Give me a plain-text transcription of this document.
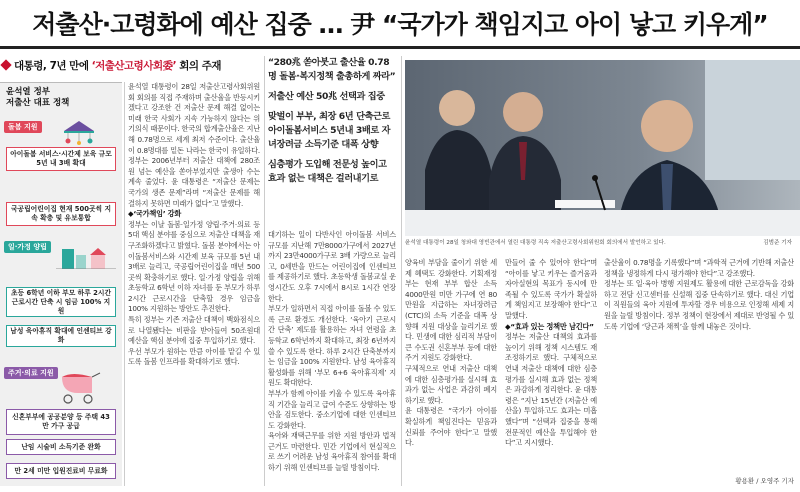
저출산·고령화에 예산 집중 … 尹 “국가가 책임지고 아이 낳고 키우게”
대통령, 7년 만에 ‘저출산고령사회委’ 회의 주재
윤석열 정부
저출산 대표 정책
돌봄 지원
아이돌봄 서비스·시간제 보육 규모 5년 내 3배 확대
국공립어린이집 현재 500곳씩 지속 확충 및 유보통합
일·가정 양립
초등 6학년 이하 부모 하루 2시간 근로시간 단축 시 임금 100% 지원
남성 육아휴직 확대에 인센티브 강화
주거·의료 지원
신혼부부에 공공분양 등 주택 43만 가구 공급
난임 시술비 소득기준 완화
만 2세 미만 입원진료비 무료화

윤석열 대통령이 28일 저출산고령사회위원회 회의를 직접 주재하며 출산율을 반등시키겠다고 강조한 건 저출산 문제 해결 없이는 미래 한국 사회가 지속 가능하지 않다는 위기의식 때문이다. 한국의 합계출산율은 지난해 0.78명으로 세계 최저 수준이다. 출산율이 0.8명대를 밑돈 나라는 한국이 유일하다. 정부는 2006년부터 저출산 대책에 280조원 넘는 예산을 쏟아부었지만 출생아 수는 계속 줄었다. 윤 대통령은 “저출산 문제는 국가의 생존 문제”라며 “저출산 문제를 해결하지 못하면 미래가 없다”고 말했다.

◆‘국가책임’ 강화

정부는 이날 돌봄·일가정 양립·주거·의료 등 5대 핵심 분야를 중심으로 저출산 대책을 재구조화하겠다고 밝혔다. 돌봄 분야에서는 아이돌봄서비스와 시간제 보육 규모를 5년 내 3배로 늘리고, 국공립어린이집을 매년 500곳씩 확충하기로 했다. 일·가정 양립을 위해 초등학교 6학년 이하 자녀를 둔 부모가 하루 2시간 근로시간을 단축할 경우 임금을 100% 지원하는 방안도 추진한다.

특히 정부는 기존 저출산 대책이 백화점식으로 나열됐다는 비판을 받아들여 50조원대 예산을 핵심 분야에 집중 투입하기로 했다.

우선 부모가 원하는 만큼 아이를 맡길 수 있도록 돌봄 인프라를 확대하기로 했다.

“280兆 쏟아붓고 출산율 0.78명 돌봄·복지정책 출총하게 짜라”
저출산 예산 50兆 선택과 집중
맞벌이 부부, 최장 6년 단축근로 아이돌봄서비스 5년내 3배로 자녀장려금 소득기준 대폭 상향
심층평가 도입해 전문성 높이고 효과 없는 대책은 걸러내기로

대기하는 일이 다반사인 아이돌봄 서비스 규모를 지난해 7만8000가구에서 2027년까지 23만4000가구로 3배 가량으로 늘리고, 0세반을 만드는 어린이집에 인센티브를 제공하기로 했다. 초등학생 돌봄교실 운영시간도 오후 7시에서 8시로 1시간 연장한다.

부모가 일하면서 직접 아이를 돌볼 수 있도록 근로 환경도 개선한다. ‘육아기 근로시간 단축’ 제도를 활용하는 자녀 연령을 초등학교 6학년까지 확대하고, 최장 6년까지 쓸 수 있도록 한다. 하루 2시간 단축분까지는 임금을 100% 지원한다. 남성 육아휴직 활성화를 위해 ‘부모 6+6 육아휴직제’ 지원도 확대한다.

부부가 함께 아이를 키울 수 있도록 육아휴직 기간을 늘리고 급여 수준도 상향하는 방안을 검토한다. 중소기업에 대한 인센티브도 강화한다.

육아와 재택근무를 위한 지원 방안과 법적 근거도 마련한다. 민간 기업에서 현실적으로 쓰기 어려운 남성 육아휴직 참여를 확대하기 위해 인센티브를 늘릴 방침이다.

윤석열 대통령이 28일 청와대 영빈관에서 열린 대통령 직속 저출산고령사회위원회 회의에서 발언하고 있다.	김범준 기자

양육비 부담을 줄이기 위한 세제 혜택도 강화한다. 기획재정부는 현재 부부 합산 소득 4000만원 미만 가구에 연 80만원을 지급하는 자녀장려금(CTC)의 소득 기준을 대폭 상향해 지원 대상을 늘리기로 했다. 민생에 대한 심리적 부담이 큰 수도권 신혼부부 등에 대한 주거 지원도 강화한다.

구체적으로 연내 저출산 대책에 대한 심층평가를 실시해 효과가 없는 사업은 과감히 폐지하기로 했다.

윤 대통령은 “국가가 아이를 확실하게 책임진다는 믿음과 신뢰를 주어야 한다”고 말했다.

만들어 줄 수 있어야 한다”며 “아이를 낳고 키우는 즐거움과 자아실현의 목표가 동시에 만족될 수 있도록 국가가 확실하게 책임지고 보장해야 한다”고 말했다.

◆“효과 있는 정책만 남긴다”

정부는 저출산 대책의 효과를 높이기 위해 정책 시스템도 재조정하기로 했다. 구체적으로 연내 저출산 대책에 대한 심층평가를 실시해 효과 없는 정책은 과감하게 정리한다. 윤 대통령은 “지난 15년간 (저출산 예산을) 투입하고도 효과는 미흡했다”며 “선택과 집중을 통해 전문적인 예산을 투입해야 한다”고 지시했다.

출산율이 0.78명을 기록했다”며 “과학적 근거에 기반해 저출산 정책을 냉정하게 다시 평가해야 한다”고 강조했다.

정부는 또 일·육아 병행 지원제도 활용에 대한 근로감독을 강화하고 전담 신고센터를 신설해 집중 단속하기로 했다. 대신 기업이 직원들의 육아 지원에 투자할 경우 비용으로 인정해 세제 지원을 늘릴 방침이다. 정부 정책이 현장에서 제대로 반영될 수 있도록 기업에 ‘당근과 채찍’을 함께 내놓은 것이다.

황용환 / 오영주 기자
